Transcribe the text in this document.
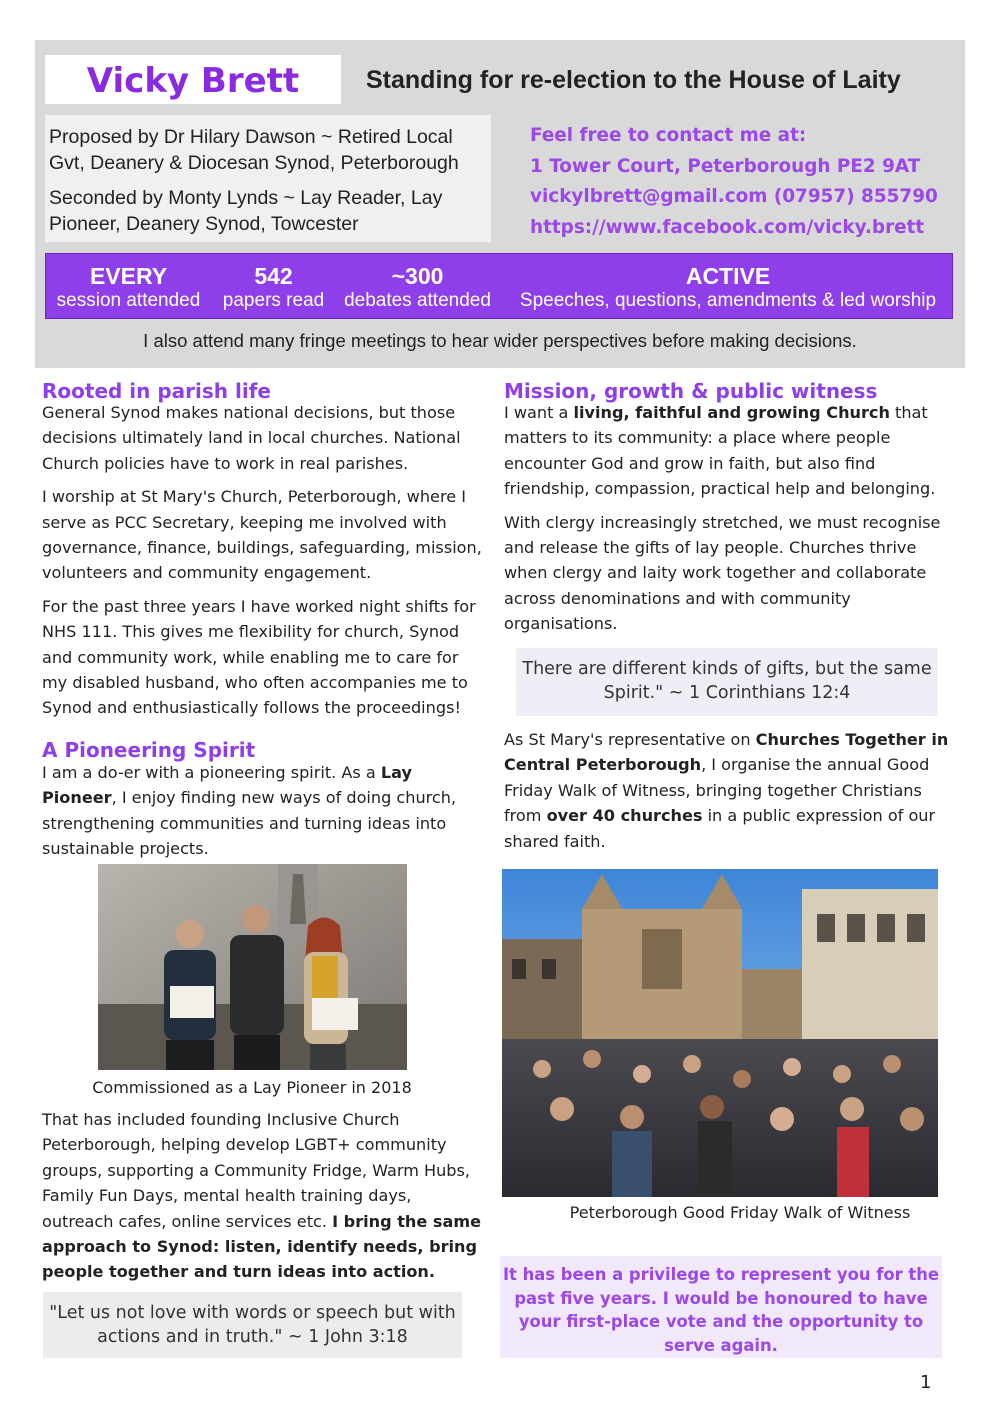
Vicky Brett	Standing for re-election to the House of Laity

Proposed by Dr Hilary Dawson ~ Retired Local Gvt, Deanery & Diocesan Synod, Peterborough

Seconded by Monty Lynds ~ Lay Reader, Lay Pioneer, Deanery Synod, Towcester

Feel free to contact me at:
1 Tower Court, Peterborough PE2 9AT
vickylbrett@gmail.com (07957) 855790
https://www.facebook.com/vicky.brett
EVERY
session attended
542
papers read
~300
debates attended
ACTIVE
Speeches, questions, amendments & led worship
I also attend many fringe meetings to hear wider perspectives before making decisions.
Rooted in parish life

General Synod makes national decisions, but those decisions ultimately land in local churches. National Church policies have to work in real parishes.

I worship at St Mary's Church, Peterborough, where I serve as PCC Secretary, keeping me involved with governance, finance, buildings, safeguarding, mission, volunteers and community engagement.

For the past three years I have worked night shifts for NHS 111. This gives me flexibility for church, Synod and community work, while enabling me to care for my disabled husband, who often accompanies me to Synod and enthusiastically follows the proceedings!

A Pioneering Spirit

I am a do-er with a pioneering spirit. As a Lay Pioneer, I enjoy finding new ways of doing church, strengthening communities and turning ideas into sustainable projects.

Commissioned as a Lay Pioneer in 2018

That has included founding Inclusive Church Peterborough, helping develop LGBT+ community groups, supporting a Community Fridge, Warm Hubs, Family Fun Days, mental health training days, outreach cafes, online services etc. I bring the same approach to Synod: listen, identify needs, bring people together and turn ideas into action.

"Let us not love with words or speech but with actions and in truth." ~ 1 John 3:18
Mission, growth & public witness

I want a living, faithful and growing Church that matters to its community: a place where people encounter God and grow in faith, but also find friendship, compassion, practical help and belonging.

With clergy increasingly stretched, we must recognise and release the gifts of lay people. Churches thrive when clergy and laity work together and collaborate across denominations and with community organisations.

There are different kinds of gifts, but the same Spirit." ~ 1 Corinthians 12:4

As St Mary's representative on Churches Together in Central Peterborough, I organise the annual Good Friday Walk of Witness, bringing together Christians from over 40 churches in a public expression of our shared faith.

Peterborough Good Friday Walk of Witness
It has been a privilege to represent you for the past five years. I would be honoured to have your first-place vote and the opportunity to serve again.
1
